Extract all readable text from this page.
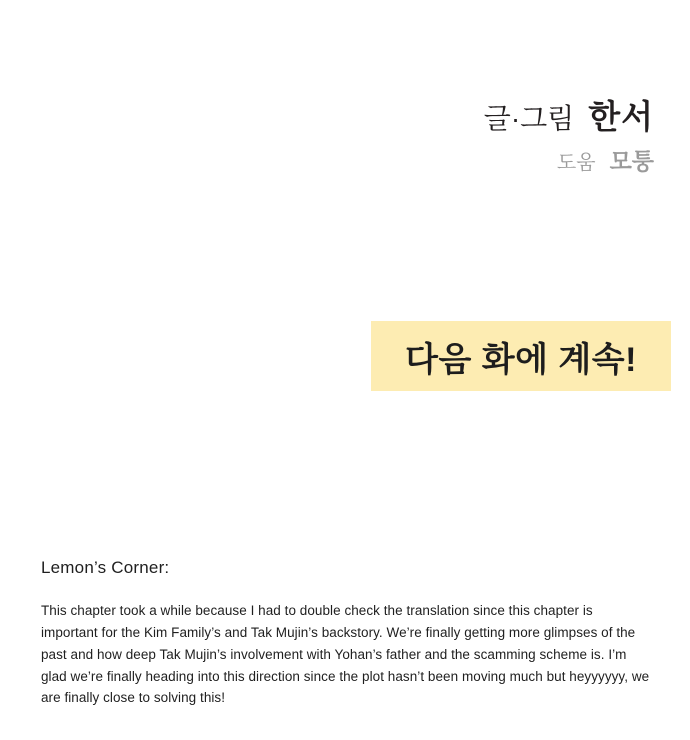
글·그림 한서
도움 모퉁
다음 화에 계속!
Lemon’s Corner:

This chapter took a while because I had to double check the translation since this chapter is important for the Kim Family’s and Tak Mujin’s backstory. We’re finally getting more glimpses of the past and how deep Tak Mujin’s involvement with Yohan’s father and the scamming scheme is. I’m glad we’re finally heading into this direction since the plot hasn’t been moving much but heyyyyyy, we are finally close to solving this!
